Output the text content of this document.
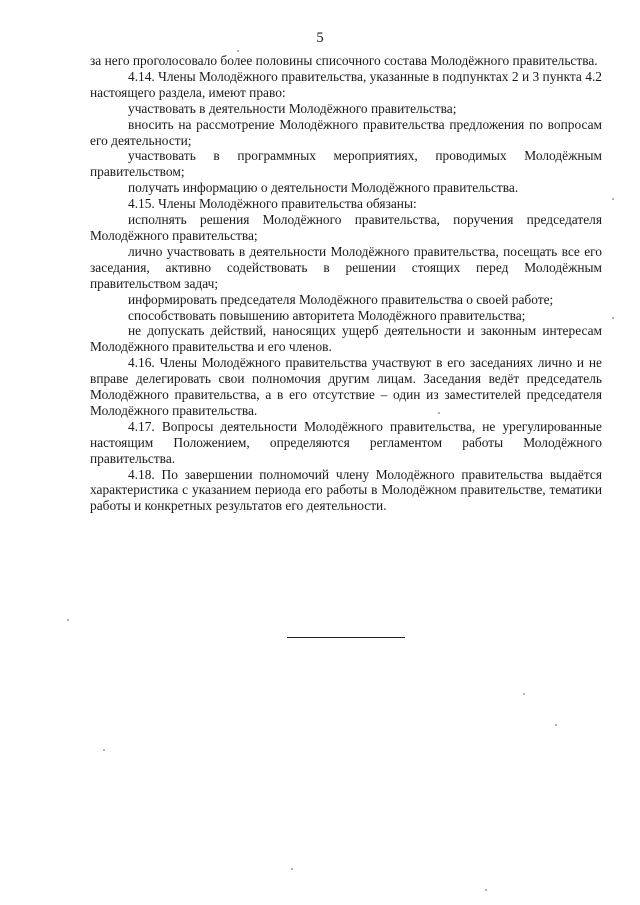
5

за него проголосовало более половины списочного состава Молодёжного правительства.

4.14. Члены Молодёжного правительства, указанные в подпунктах 2 и 3 пункта 4.2 настоящего раздела, имеют право:

участвовать в деятельности Молодёжного правительства;

вносить на рассмотрение Молодёжного правительства предложения по вопросам его деятельности;

участвовать в программных мероприятиях, проводимых Молодёжным правительством;

получать информацию о деятельности Молодёжного правительства.

4.15. Члены Молодёжного правительства обязаны:

исполнять решения Молодёжного правительства, поручения председателя Молодёжного правительства;

лично участвовать в деятельности Молодёжного правительства, посещать все его заседания, активно содействовать в решении стоящих перед Молодёжным правительством задач;

информировать председателя Молодёжного правительства о своей работе;

способствовать повышению авторитета Молодёжного правительства;

не допускать действий, наносящих ущерб деятельности и законным интересам Молодёжного правительства и его членов.

4.16. Члены Молодёжного правительства участвуют в его заседаниях лично и не вправе делегировать свои полномочия другим лицам. Заседания ведёт председатель Молодёжного правительства, а в его отсутствие – один из заместителей председателя Молодёжного правительства.

4.17. Вопросы деятельности Молодёжного правительства, не урегулированные настоящим Положением, определяются регламентом работы Молодёжного правительства.

4.18. По завершении полномочий члену Молодёжного правительства выдаётся характеристика с указанием периода его работы в Молодёжном правительстве, тематики работы и конкретных результатов его деятельности.
